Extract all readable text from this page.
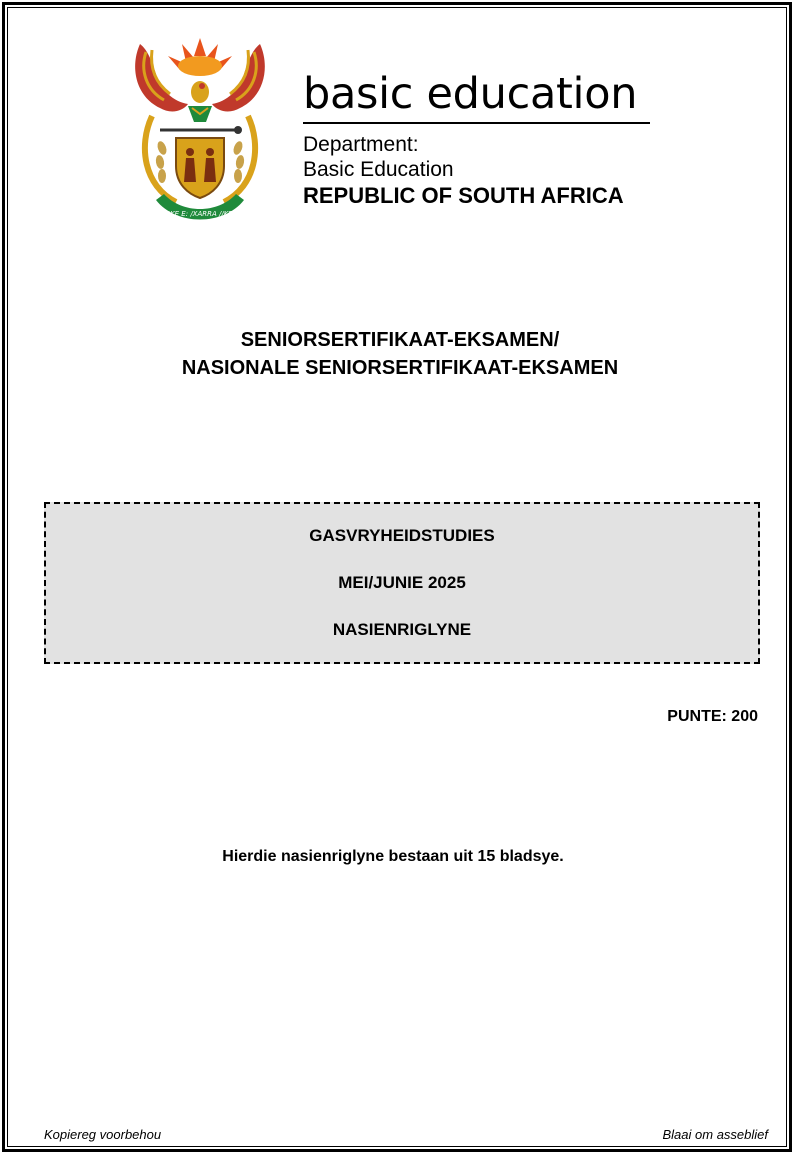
!KE E: /XARRA //KE
basic education
Department:
Basic Education
REPUBLIC OF SOUTH AFRICA
SENIORSERTIFIKAAT-EKSAMEN/
NASIONALE SENIORSERTIFIKAAT-EKSAMEN
GASVRYHEIDSTUDIES
MEI/JUNIE 2025
NASIENRIGLYNE
PUNTE: 200
Hierdie nasienriglyne bestaan uit 15 bladsye.
Kopiereg voorbehou	Blaai om asseblief
